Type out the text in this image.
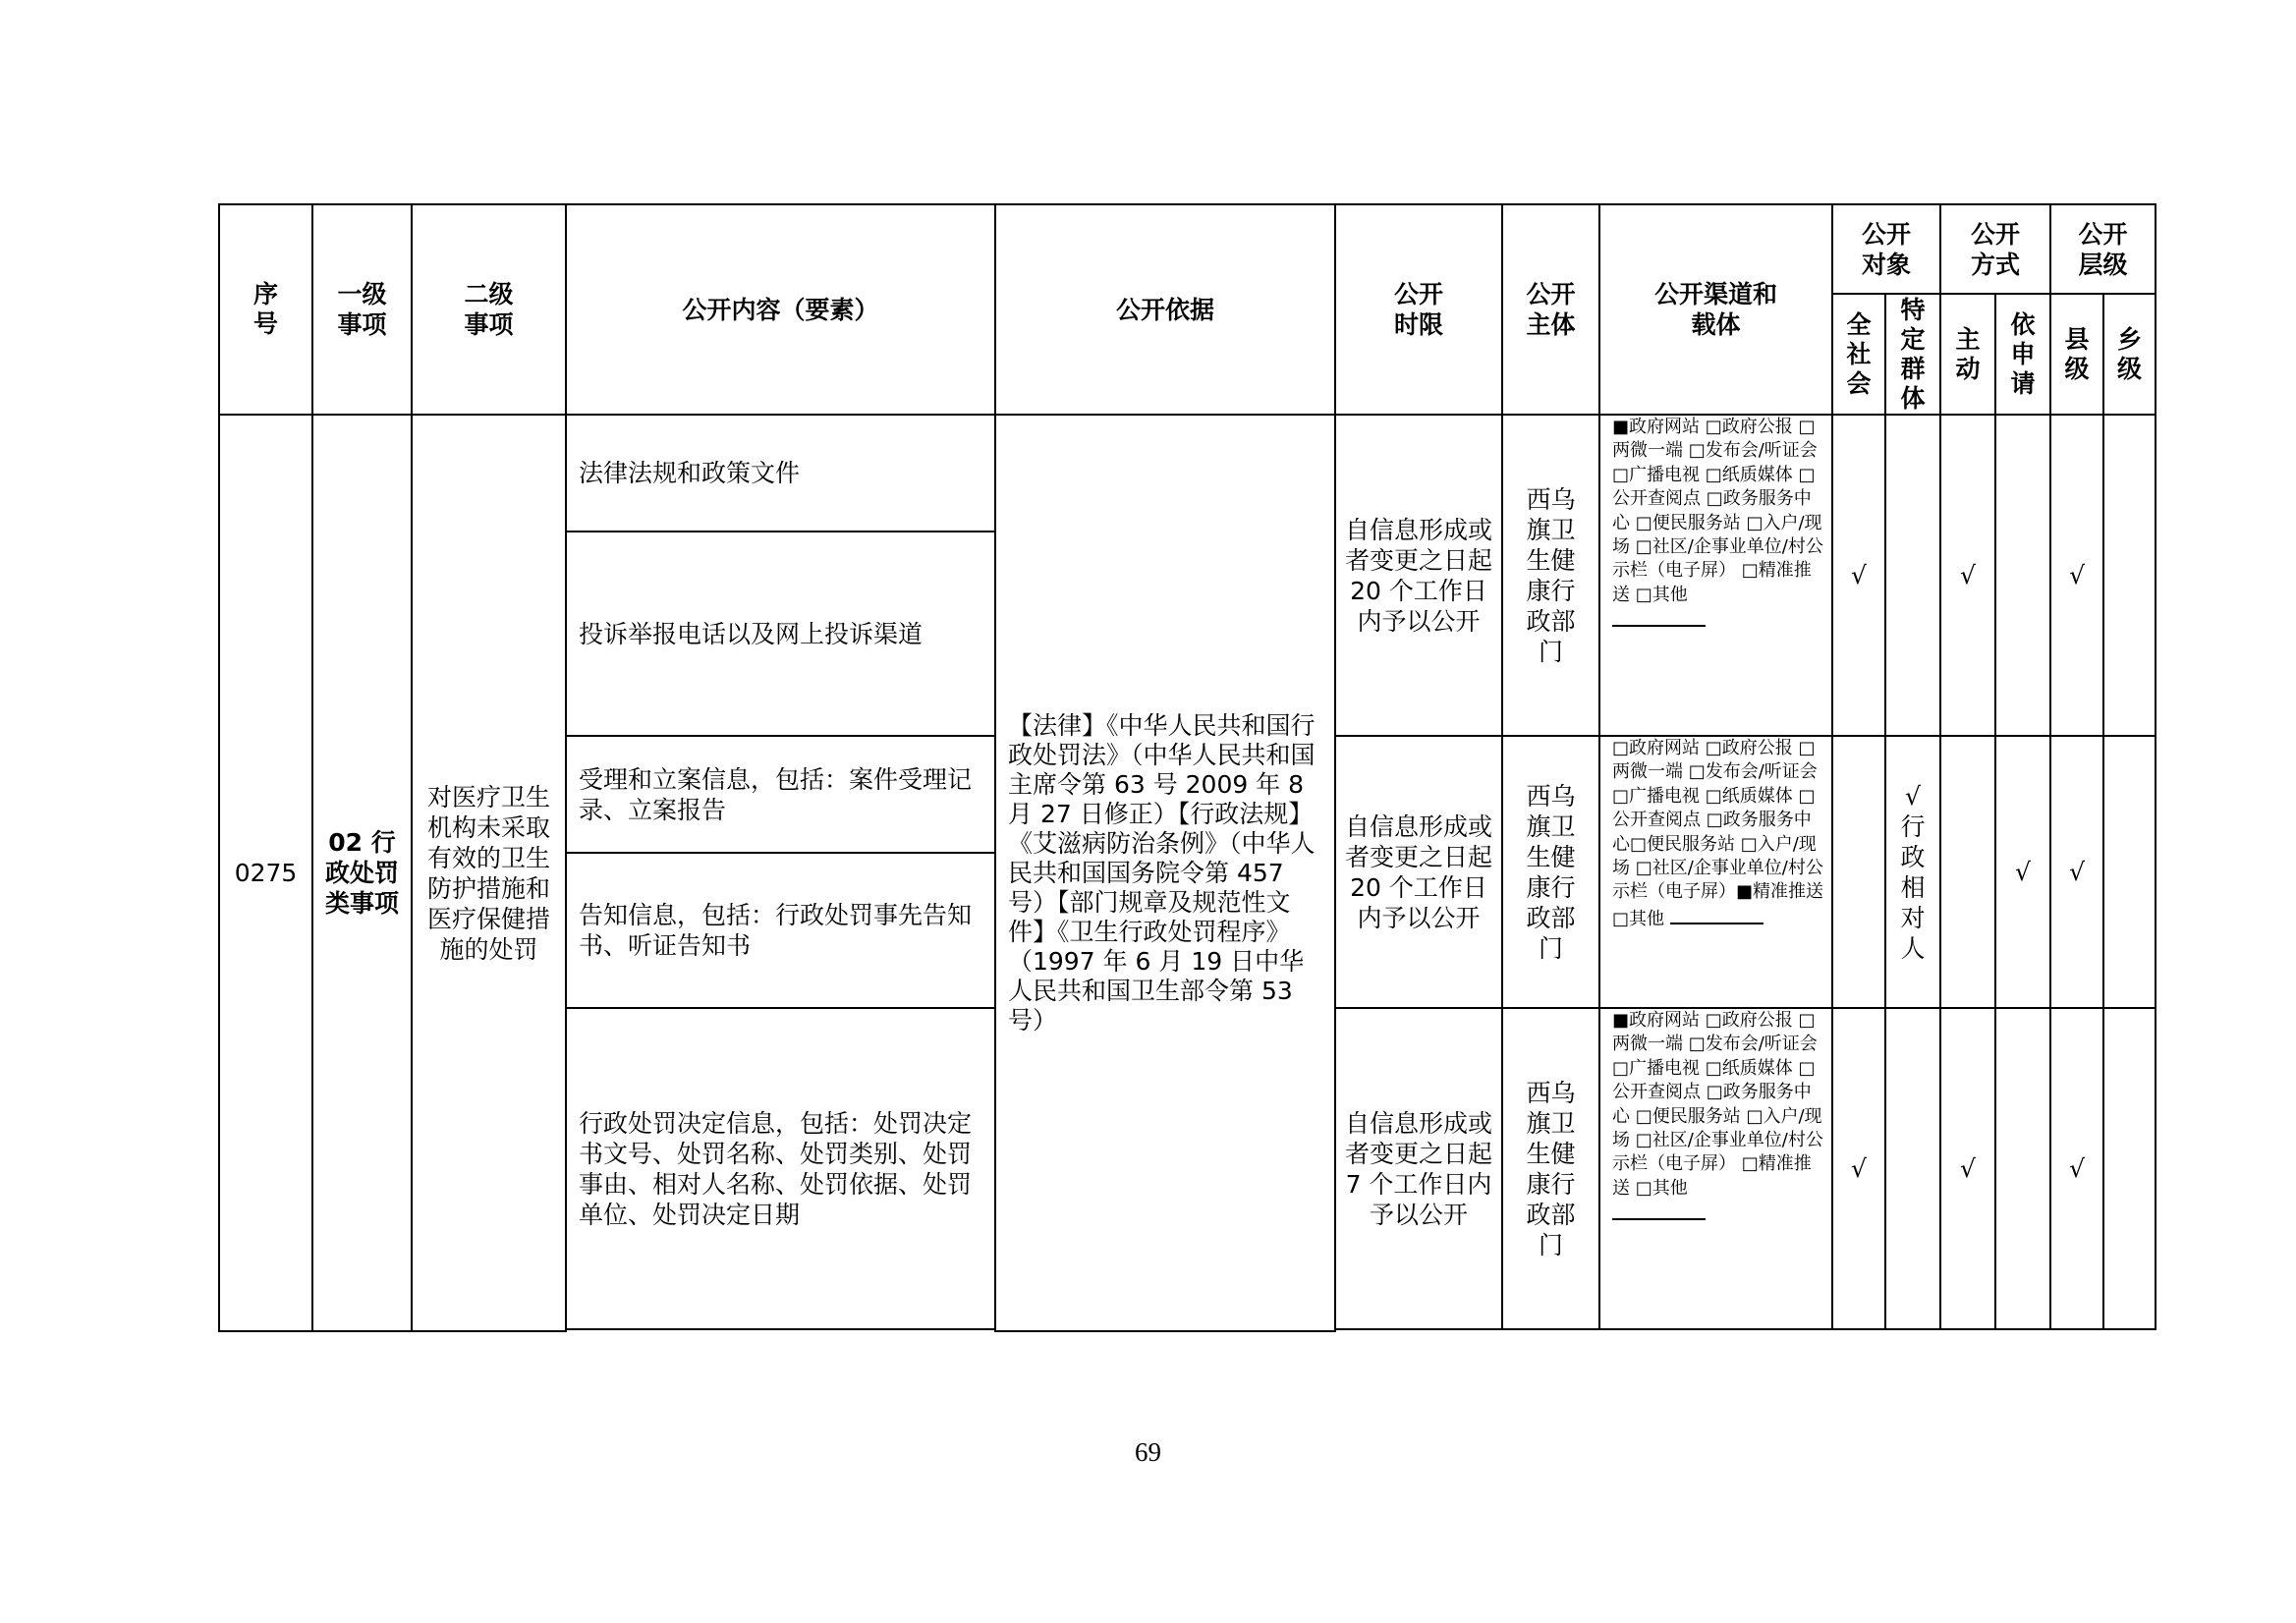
序号	一级事项	二级事项	公开内容（要素）	公开依据	公开时限	公开主体	公开渠道和载体	公开对象		公开方式		公开层级	

								全社会	特定群体	主动	依申请	县级	乡级

0275	02 行政处罚类事项	对医疗卫生机构未采取有效的卫生防护措施和医疗保健措施的处罚	法律法规和政策文件	【法律】《中华人民共和国行政处罚法》（中华人民共和国主席令第 63 号 2009 年 8 月 27 日修正）【行政法规】《艾滋病防治条例》（中华人民共和国国务院令第 457 号）【部门规章及规范性文件】《卫生行政处罚程序》（1997 年 6 月 19 日中华人民共和国卫生部令第 53 号）	自信息形成或者变更之日起 20 个工作日内予以公开	西乌旗卫生健康行政部门	■政府网站 □政府公报 □两微一端 □发布会/听证会 □广播电视 □纸质媒体 □公开查阅点 □政务服务中心 □便民服务站 □入户/现场 □社区/企事业单位/村公示栏（电子屏） □精准推送 □其他	√		√		√	
			投诉举报电话以及网上投诉渠道										
			受理和立案信息，包括：案件受理记录、立案报告		自信息形成或者变更之日起 20 个工作日内予以公开	西乌旗卫生健康行政部门	□政府网站 □政府公报 □两微一端 □发布会/听证会 □广播电视 □纸质媒体 □公开查阅点 □政务服务中心□便民服务站 □入户/现场 □社区/企事业单位/村公示栏（电子屏）■精准推送 □其他		√行政相对人		√	√	
			告知信息，包括：行政处罚事先告知书、听证告知书										
			行政处罚决定信息，包括：处罚决定书文号、处罚名称、处罚类别、处罚事由、相对人名称、处罚依据、处罚单位、处罚决定日期		自信息形成或者变更之日起 7 个工作日内予以公开	西乌旗卫生健康行政部门	■政府网站 □政府公报 □两微一端 □发布会/听证会 □广播电视 □纸质媒体 □公开查阅点 □政务服务中心 □便民服务站 □入户/现场 □社区/企事业单位/村公示栏（电子屏） □精准推送 □其他	√		√		√	

69
